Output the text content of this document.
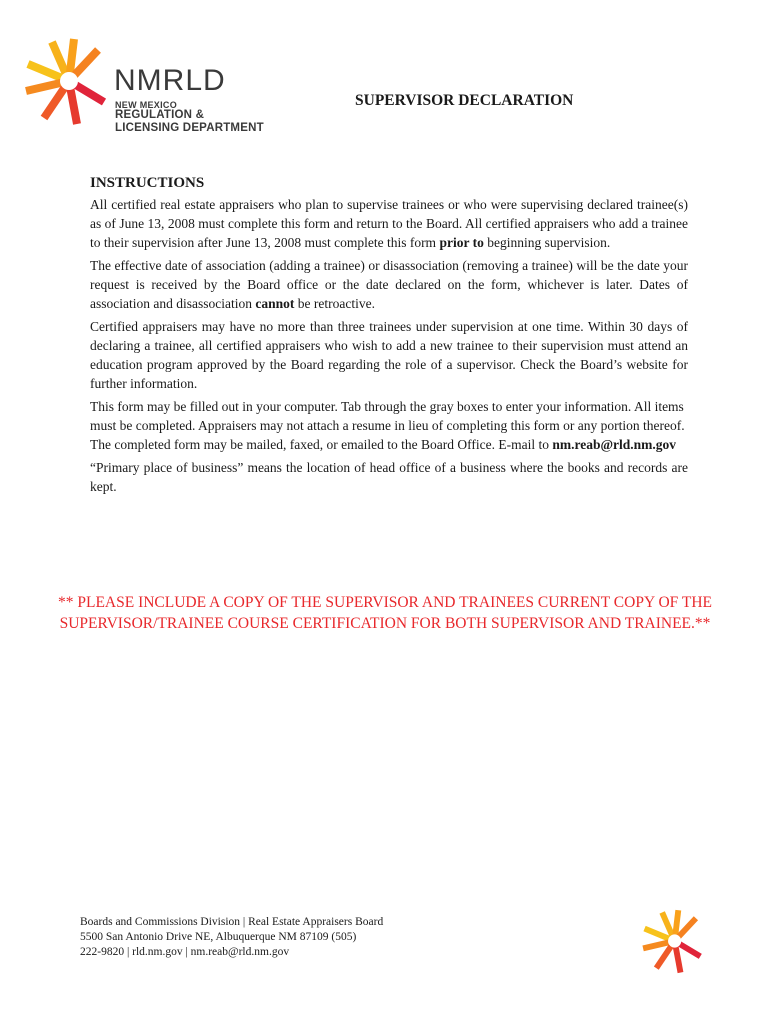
NMRLD
NEW MEXICO
REGULATION &
LICENSING DEPARTMENT
SUPERVISOR DECLARATION
INSTRUCTIONS

All certified real estate appraisers who plan to supervise trainees or who were supervising declared trainee(s) as of June 13, 2008 must complete this form and return to the Board. All certified appraisers who add a trainee to their supervision after June 13, 2008 must complete this form prior to beginning supervision.

The effective date of association (adding a trainee) or disassociation (removing a trainee) will be the date your request is received by the Board office or the date declared on the form, whichever is later. Dates of association and disassociation cannot be retroactive.

Certified appraisers may have no more than three trainees under supervision at one time. Within 30 days of declaring a trainee, all certified appraisers who wish to add a new trainee to their supervision must attend an education program approved by the Board regarding the role of a supervisor. Check the Board’s website for further information.

This form may be filled out in your computer. Tab through the gray boxes to enter your information. All items must be completed. Appraisers may not attach a resume in lieu of completing this form or any portion thereof. The completed form may be mailed, faxed, or emailed to the Board Office. E-mail to nm.reab@rld.nm.gov

“Primary place of business” means the location of head office of a business where the books and records are kept.

** PLEASE INCLUDE A COPY OF THE SUPERVISOR AND TRAINEES CURRENT COPY OF THE SUPERVISOR/TRAINEE COURSE CERTIFICATION FOR BOTH SUPERVISOR AND TRAINEE.**
Boards and Commissions Division | Real Estate Appraisers Board
5500 San Antonio Drive NE, Albuquerque NM 87109 (505)
222-9820 | rld.nm.gov | nm.reab@rld.nm.gov
